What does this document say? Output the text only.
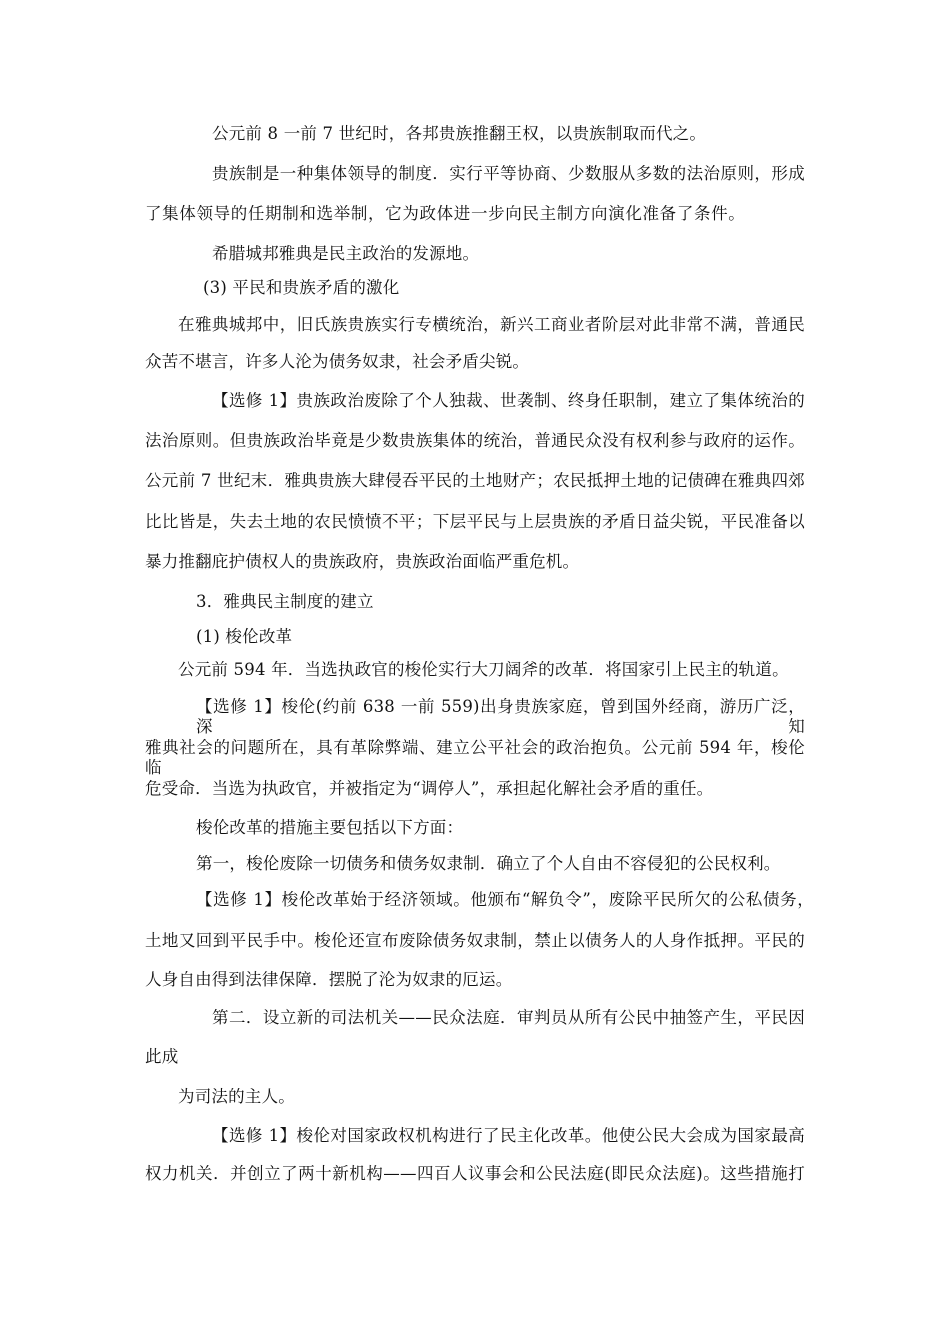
公元前 8 一前 7 世纪时，各邦贵族推翻王权，以贵族制取而代之。
贵族制是一种集体领导的制度．实行平等协商、少数服从多数的法治原则，形成
了集体领导的任期制和选举制，它为政体进一步向民主制方向演化准备了条件。
希腊城邦雅典是民主政治的发源地。
(3) 平民和贵族矛盾的激化
在雅典城邦中，旧氏族贵族实行专横统治，新兴工商业者阶层对此非常不满，普通民
众苦不堪言，许多人沦为债务奴隶，社会矛盾尖锐。
【选修 1】贵族政治废除了个人独裁、世袭制、终身任职制，建立了集体统治的
法治原则。但贵族政治毕竟是少数贵族集体的统治，普通民众没有权利参与政府的运作。
公元前 7 世纪末．雅典贵族大肆侵吞平民的土地财产；农民抵押土地的记债碑在雅典四郊
比比皆是，失去土地的农民愤愤不平；下层平民与上层贵族的矛盾日益尖锐，平民准备以
暴力推翻庇护债权人的贵族政府，贵族政治面临严重危机。
3．雅典民主制度的建立
(1) 梭伦改革
公元前 594 年．当选执政官的梭伦实行大刀阔斧的改革．将国家引上民主的轨道。
【选修 1】梭伦(约前 638 一前 559)出身贵族家庭，曾到国外经商，游历广泛，深知
雅典社会的问题所在，具有革除弊端、建立公平社会的政治抱负。公元前 594 年，梭伦临
危受命．当选为执政官，并被指定为“调停人”，承担起化解社会矛盾的重任。
梭伦改革的措施主要包括以下方面：
第一，梭伦废除一切债务和债务奴隶制．确立了个人自由不容侵犯的公民权利。
【选修 1】梭伦改革始于经济领域。他颁布“解负令”，废除平民所欠的公私债务，
土地又回到平民手中。梭伦还宣布废除债务奴隶制，禁止以债务人的人身作抵押。平民的
人身自由得到法律保障．摆脱了沦为奴隶的厄运。
第二．设立新的司法机关——民众法庭．审判员从所有公民中抽签产生，平民因
此成
为司法的主人。
【选修 1】梭伦对国家政权机构进行了民主化改革。他使公民大会成为国家最高
权力机关．并创立了两十新机构——四百人议事会和公民法庭(即民众法庭)。这些措施打
